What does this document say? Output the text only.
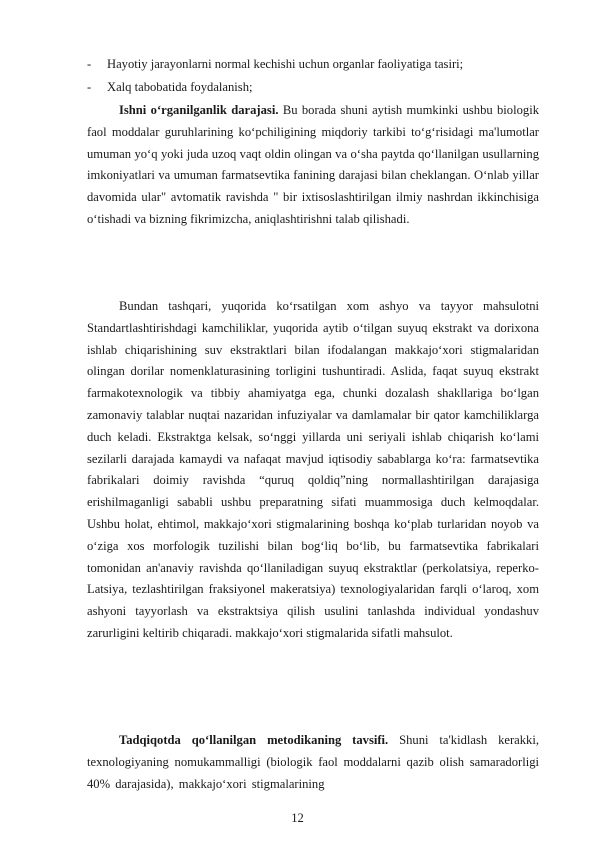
- Hayotiy jarayonlarni normal kechishi uchun organlar faoliyatiga tasiri;
- Xalq tabobatida foydalanish;

Ishni o‘rganilganlik darajasi. Bu borada shuni aytish mumkinki ushbu biologik faol moddalar guruhlarining ko‘pchiligining miqdoriy tarkibi to‘g‘risidagi ma'lumotlar umuman yo‘q yoki juda uzoq vaqt oldin olingan va o‘sha paytda qo‘llanilgan usullarning imkoniyatlari va umuman farmatsevtika fanining darajasi bilan cheklangan. O‘nlab yillar davomida ular" avtomatik ravishda " bir ixtisoslashtirilgan ilmiy nashrdan ikkinchisiga o‘tishadi va bizning fikrimizcha, aniqlashtirishni talab qilishadi.

Bundan tashqari, yuqorida ko‘rsatilgan xom ashyo va tayyor mahsulotni Standartlashtirishdagi kamchiliklar, yuqorida aytib o‘tilgan suyuq ekstrakt va dorixona ishlab chiqarishining suv ekstraktlari bilan ifodalangan makkajo‘xori stigmalaridan olingan dorilar nomenklaturasining torligini tushuntiradi. Aslida, faqat suyuq ekstrakt farmakotexnologik va tibbiy ahamiyatga ega, chunki dozalash shakllariga bo‘lgan zamonaviy talablar nuqtai nazaridan infuziyalar va damlamalar bir qator kamchiliklarga duch keladi. Ekstraktga kelsak, so‘nggi yillarda uni seriyali ishlab chiqarish ko‘lami sezilarli darajada kamaydi va nafaqat mavjud iqtisodiy sabablarga ko‘ra: farmatsevtika fabrikalari doimiy ravishda “quruq qoldiq”ning normallashtirilgan darajasiga erishilmaganligi sababli ushbu preparatning sifati muammosiga duch kelmoqdalar. Ushbu holat, ehtimol, makkajo‘xori stigmalarining boshqa ko‘plab turlaridan noyob va o‘ziga xos morfologik tuzilishi bilan bog‘liq bo‘lib, bu farmatsevtika fabrikalari tomonidan an'anaviy ravishda qo‘llaniladigan suyuq ekstraktlar (perkolatsiya, reperko-Latsiya, tezlashtirilgan fraksiyonel makeratsiya) texnologiyalaridan farqli o‘laroq, xom ashyoni tayyorlash va ekstraktsiya qilish usulini tanlashda individual yondashuv zarurligini keltirib chiqaradi. makkajo‘xori stigmalarida sifatli mahsulot.

Tadqiqotda qo‘llanilgan metodikaning tavsifi. Shuni ta'kidlash kerakki, texnologiyaning nomukammalligi (biologik faol moddalarni qazib olish samaradorligi 40% darajasida), makkajo‘xori stigmalarining

12
